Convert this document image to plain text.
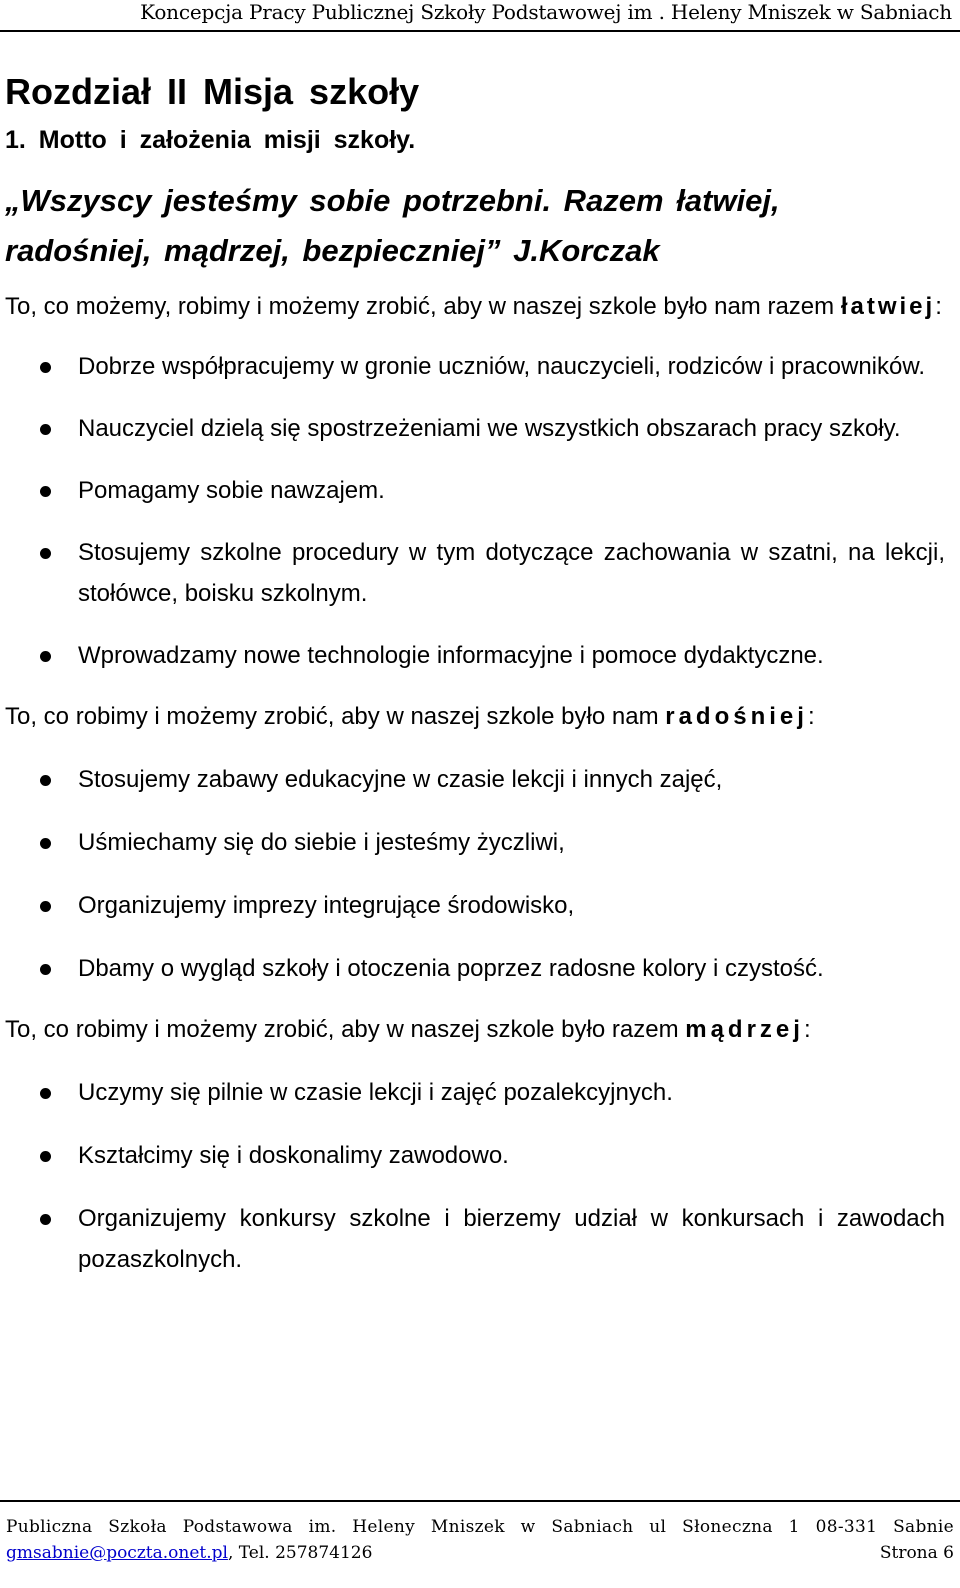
Koncepcja Pracy Publicznej Szkoły Podstawowej im . Heleny Mniszek w Sabniach
Rozdział II Misja szkoły
1. Motto i założenia misji szkoły.
„Wszyscy jesteśmy sobie potrzebni. Razem łatwiej,
radośniej, mądrzej, bezpieczniej” J.Korczak

To, co możemy, robimy i możemy zrobić, aby w naszej szkole było nam razem łatwiej:

Dobrze współpracujemy w gronie uczniów, nauczycieli, rodziców i pracowników.
Nauczyciel dzielą się spostrzeżeniami we wszystkich obszarach pracy szkoły.
Pomagamy sobie nawzajem.
Stosujemy szkolne procedury w tym dotyczące zachowania w szatni, na lekcji, stołówce, boisku szkolnym.
Wprowadzamy nowe technologie informacyjne i pomoce dydaktyczne.

To, co robimy i możemy zrobić, aby w naszej szkole było nam radośniej:

Stosujemy zabawy edukacyjne w czasie lekcji i innych zajęć,
Uśmiechamy się do siebie i jesteśmy życzliwi,
Organizujemy imprezy integrujące środowisko,
Dbamy o wygląd szkoły i otoczenia poprzez radosne kolory i czystość.

To, co robimy i możemy zrobić, aby w naszej szkole było razem mądrzej:

Uczymy się pilnie w czasie lekcji i zajęć pozalekcyjnych.
Kształcimy się i doskonalimy zawodowo.
Organizujemy konkursy szkolne i bierzemy udział w konkursach i zawodach pozaszkolnych.
Publiczna Szkoła Podstawowa im. Heleny Mniszek w Sabniach ul Słoneczna 1 08-331 Sabnie
gmsabnie@poczta.onet.pl, Tel. 257874126	Strona 6
